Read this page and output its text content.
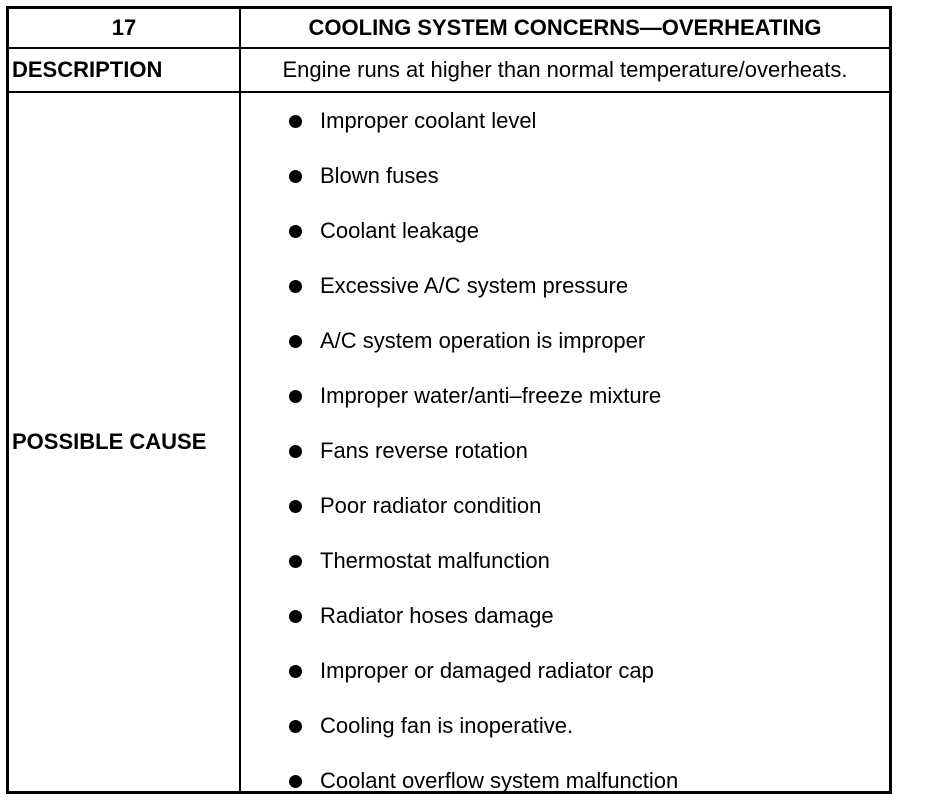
17	COOLING SYSTEM CONCERNS—OVERHEATING
DESCRIPTION	Engine runs at higher than normal temperature/overheats.
POSSIBLE CAUSE
Improper coolant level
Blown fuses
Coolant leakage
Excessive A/C system pressure
A/C system operation is improper
Improper water/anti–freeze mixture
Fans reverse rotation
Poor radiator condition
Thermostat malfunction
Radiator hoses damage
Improper or damaged radiator cap
Cooling fan is inoperative.
Coolant overflow system malfunction
